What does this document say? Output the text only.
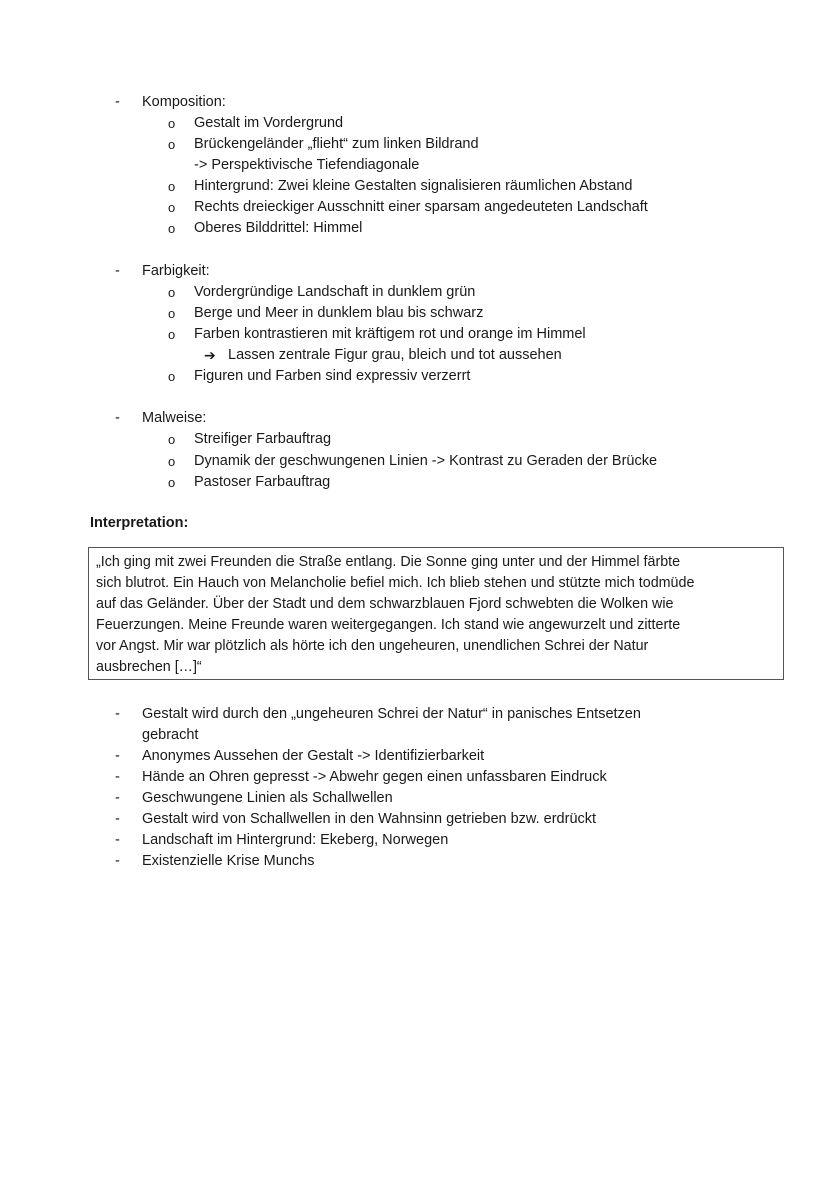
- Komposition:
o Gestalt im Vordergrund
o Brückengeländer „flieht“ zum linken Bildrand
-> Perspektivische Tiefendiagonale
o Hintergrund: Zwei kleine Gestalten signalisieren räumlichen Abstand
o Rechts dreieckiger Ausschnitt einer sparsam angedeuteten Landschaft
o Oberes Bilddrittel: Himmel
- Farbigkeit:
o Vordergründige Landschaft in dunklem grün
o Berge und Meer in dunklem blau bis schwarz
o Farben kontrastieren mit kräftigem rot und orange im Himmel
➔ Lassen zentrale Figur grau, bleich und tot aussehen
o Figuren und Farben sind expressiv verzerrt
- Malweise:
o Streifiger Farbauftrag
o Dynamik der geschwungenen Linien -> Kontrast zu Geraden der Brücke
o Pastoser Farbauftrag
Interpretation:
„Ich ging mit zwei Freunden die Straße entlang. Die Sonne ging unter und der Himmel färbte
sich blutrot. Ein Hauch von Melancholie befiel mich. Ich blieb stehen und stützte mich todmüde
auf das Geländer. Über der Stadt und dem schwarzblauen Fjord schwebten die Wolken wie
Feuerzungen. Meine Freunde waren weitergegangen. Ich stand wie angewurzelt und zitterte
vor Angst. Mir war plötzlich als hörte ich den ungeheuren, unendlichen Schrei der Natur
ausbrechen […]“
- Gestalt wird durch den „ungeheuren Schrei der Natur“ in panisches Entsetzen
gebracht
- Anonymes Aussehen der Gestalt -> Identifizierbarkeit
- Hände an Ohren gepresst -> Abwehr gegen einen unfassbaren Eindruck
- Geschwungene Linien als Schallwellen
- Gestalt wird von Schallwellen in den Wahnsinn getrieben bzw. erdrückt
- Landschaft im Hintergrund: Ekeberg, Norwegen
- Existenzielle Krise Munchs
